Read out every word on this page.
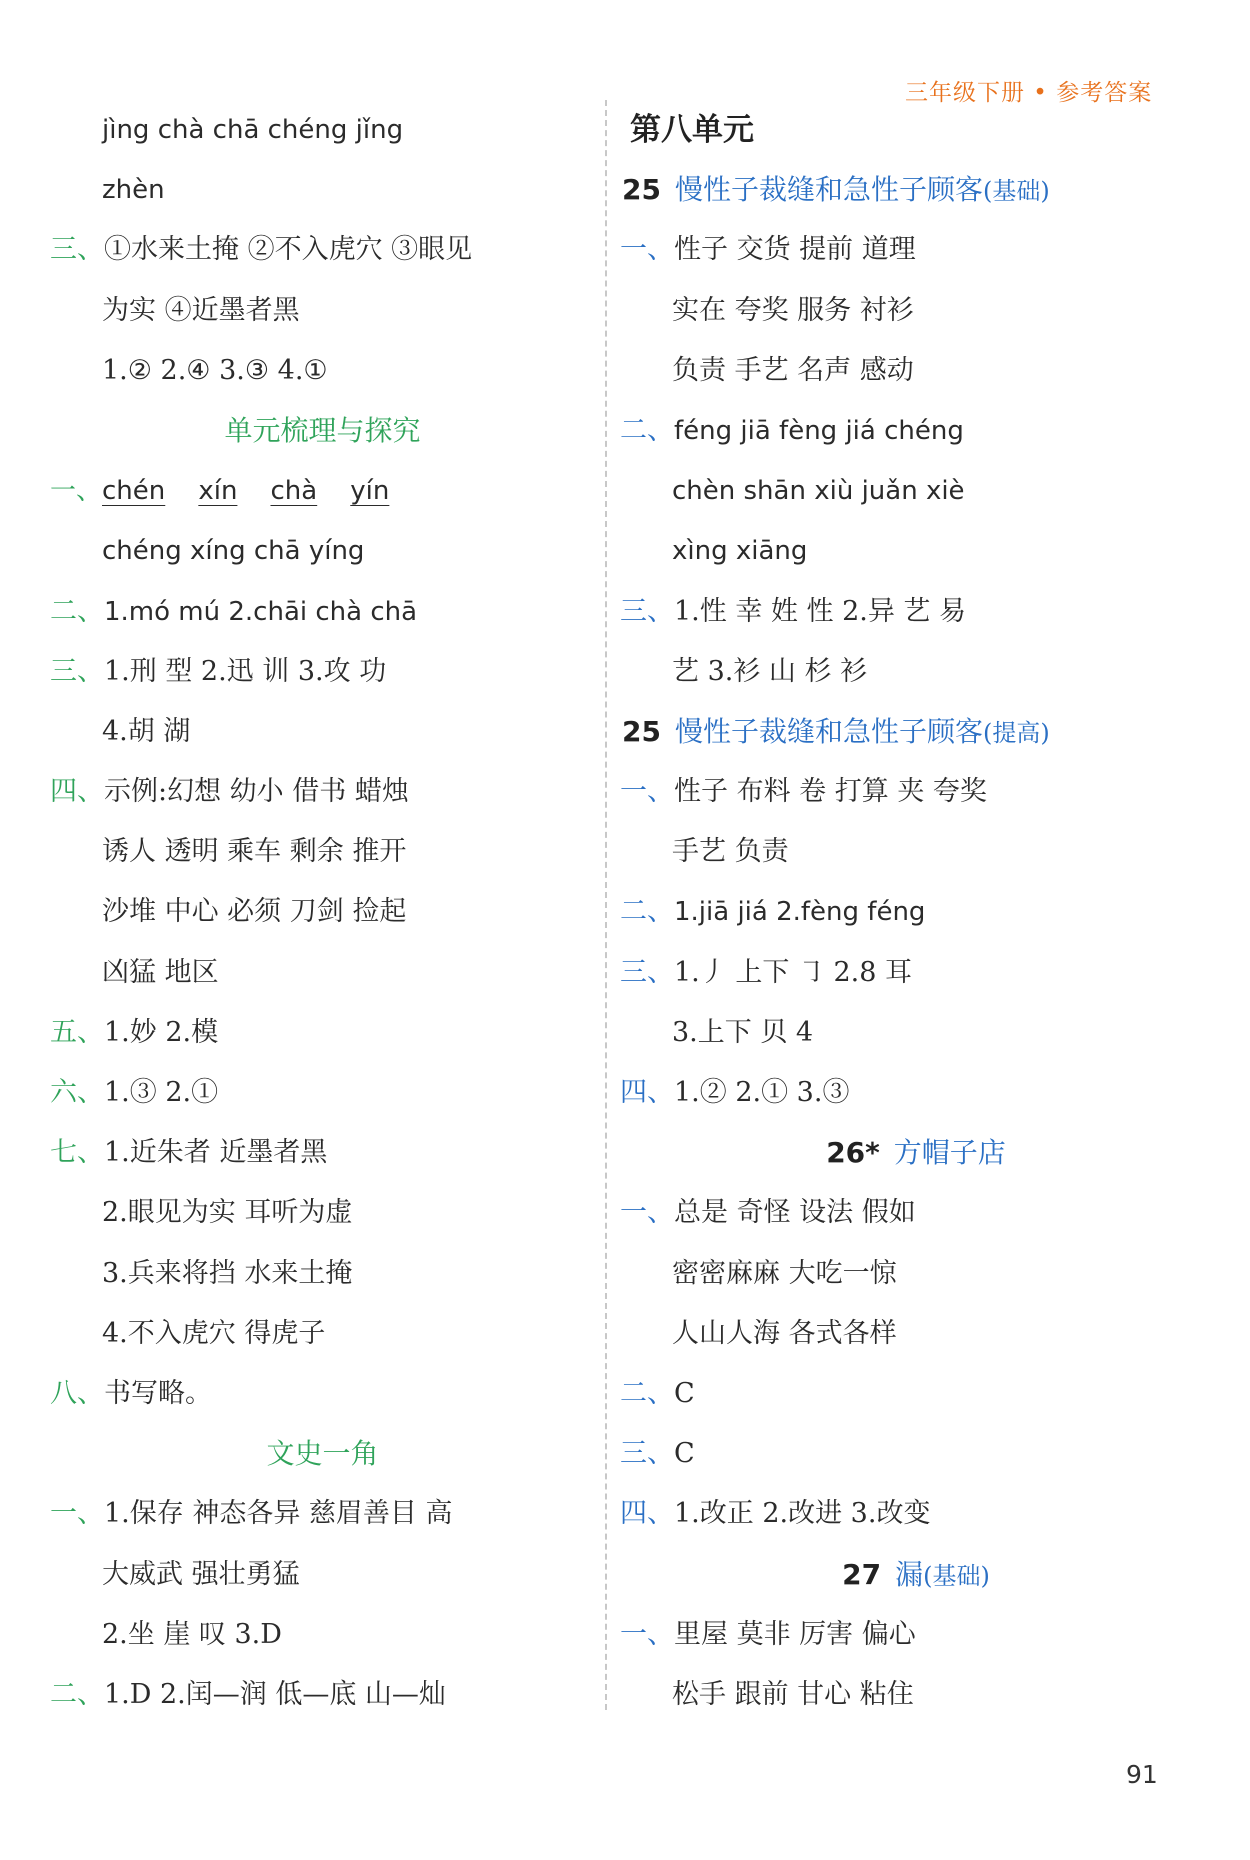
三年级下册 • 参考答案
jìng chà chā chéng jǐng
zhèn
三、①水来土掩 ②不入虎穴 ③眼见
为实 ④近墨者黑
1.② 2.④ 3.③ 4.①
单元梳理与探究
一、chén xín chà yín
chéng xíng chā yíng
二、1.mó mú 2.chāi chà chā
三、1.刑 型 2.迅 训 3.攻 功
4.胡 湖
四、示例:幻想 幼小 借书 蜡烛
诱人 透明 乘车 剩余 推开
沙堆 中心 必须 刀剑 捡起
凶猛 地区
五、1.妙 2.模
六、1.③ 2.①
七、1.近朱者 近墨者黑
2.眼见为实 耳听为虚
3.兵来将挡 水来土掩
4.不入虎穴 得虎子
八、书写略。
文史一角
一、1.保存 神态各异 慈眉善目 高
大威武 强壮勇猛
2.坐 崖 叹 3.D
二、1.D 2.闰—润 低—底 山—灿
第八单元
25 慢性子裁缝和急性子顾客(基础)
一、性子 交货 提前 道理
实在 夸奖 服务 衬衫
负责 手艺 名声 感动
二、féng jiā fèng jiá chéng
chèn shān xiù juǎn xiè
xìng xiāng
三、1.性 幸 姓 性 2.异 艺 易
艺 3.衫 山 杉 衫
25 慢性子裁缝和急性子顾客(提高)
一、性子 布料 卷 打算 夹 夸奖
手艺 负责
二、1.jiā jiá 2.fèng féng
三、1.丿 上下 ㇆ 2.8 耳
3.上下 贝 4
四、1.② 2.① 3.③
26* 方帽子店
一、总是 奇怪 设法 假如
密密麻麻 大吃一惊
人山人海 各式各样
二、C
三、C
四、1.改正 2.改进 3.改变
27 漏(基础)
一、里屋 莫非 厉害 偏心
松手 跟前 甘心 粘住
91
